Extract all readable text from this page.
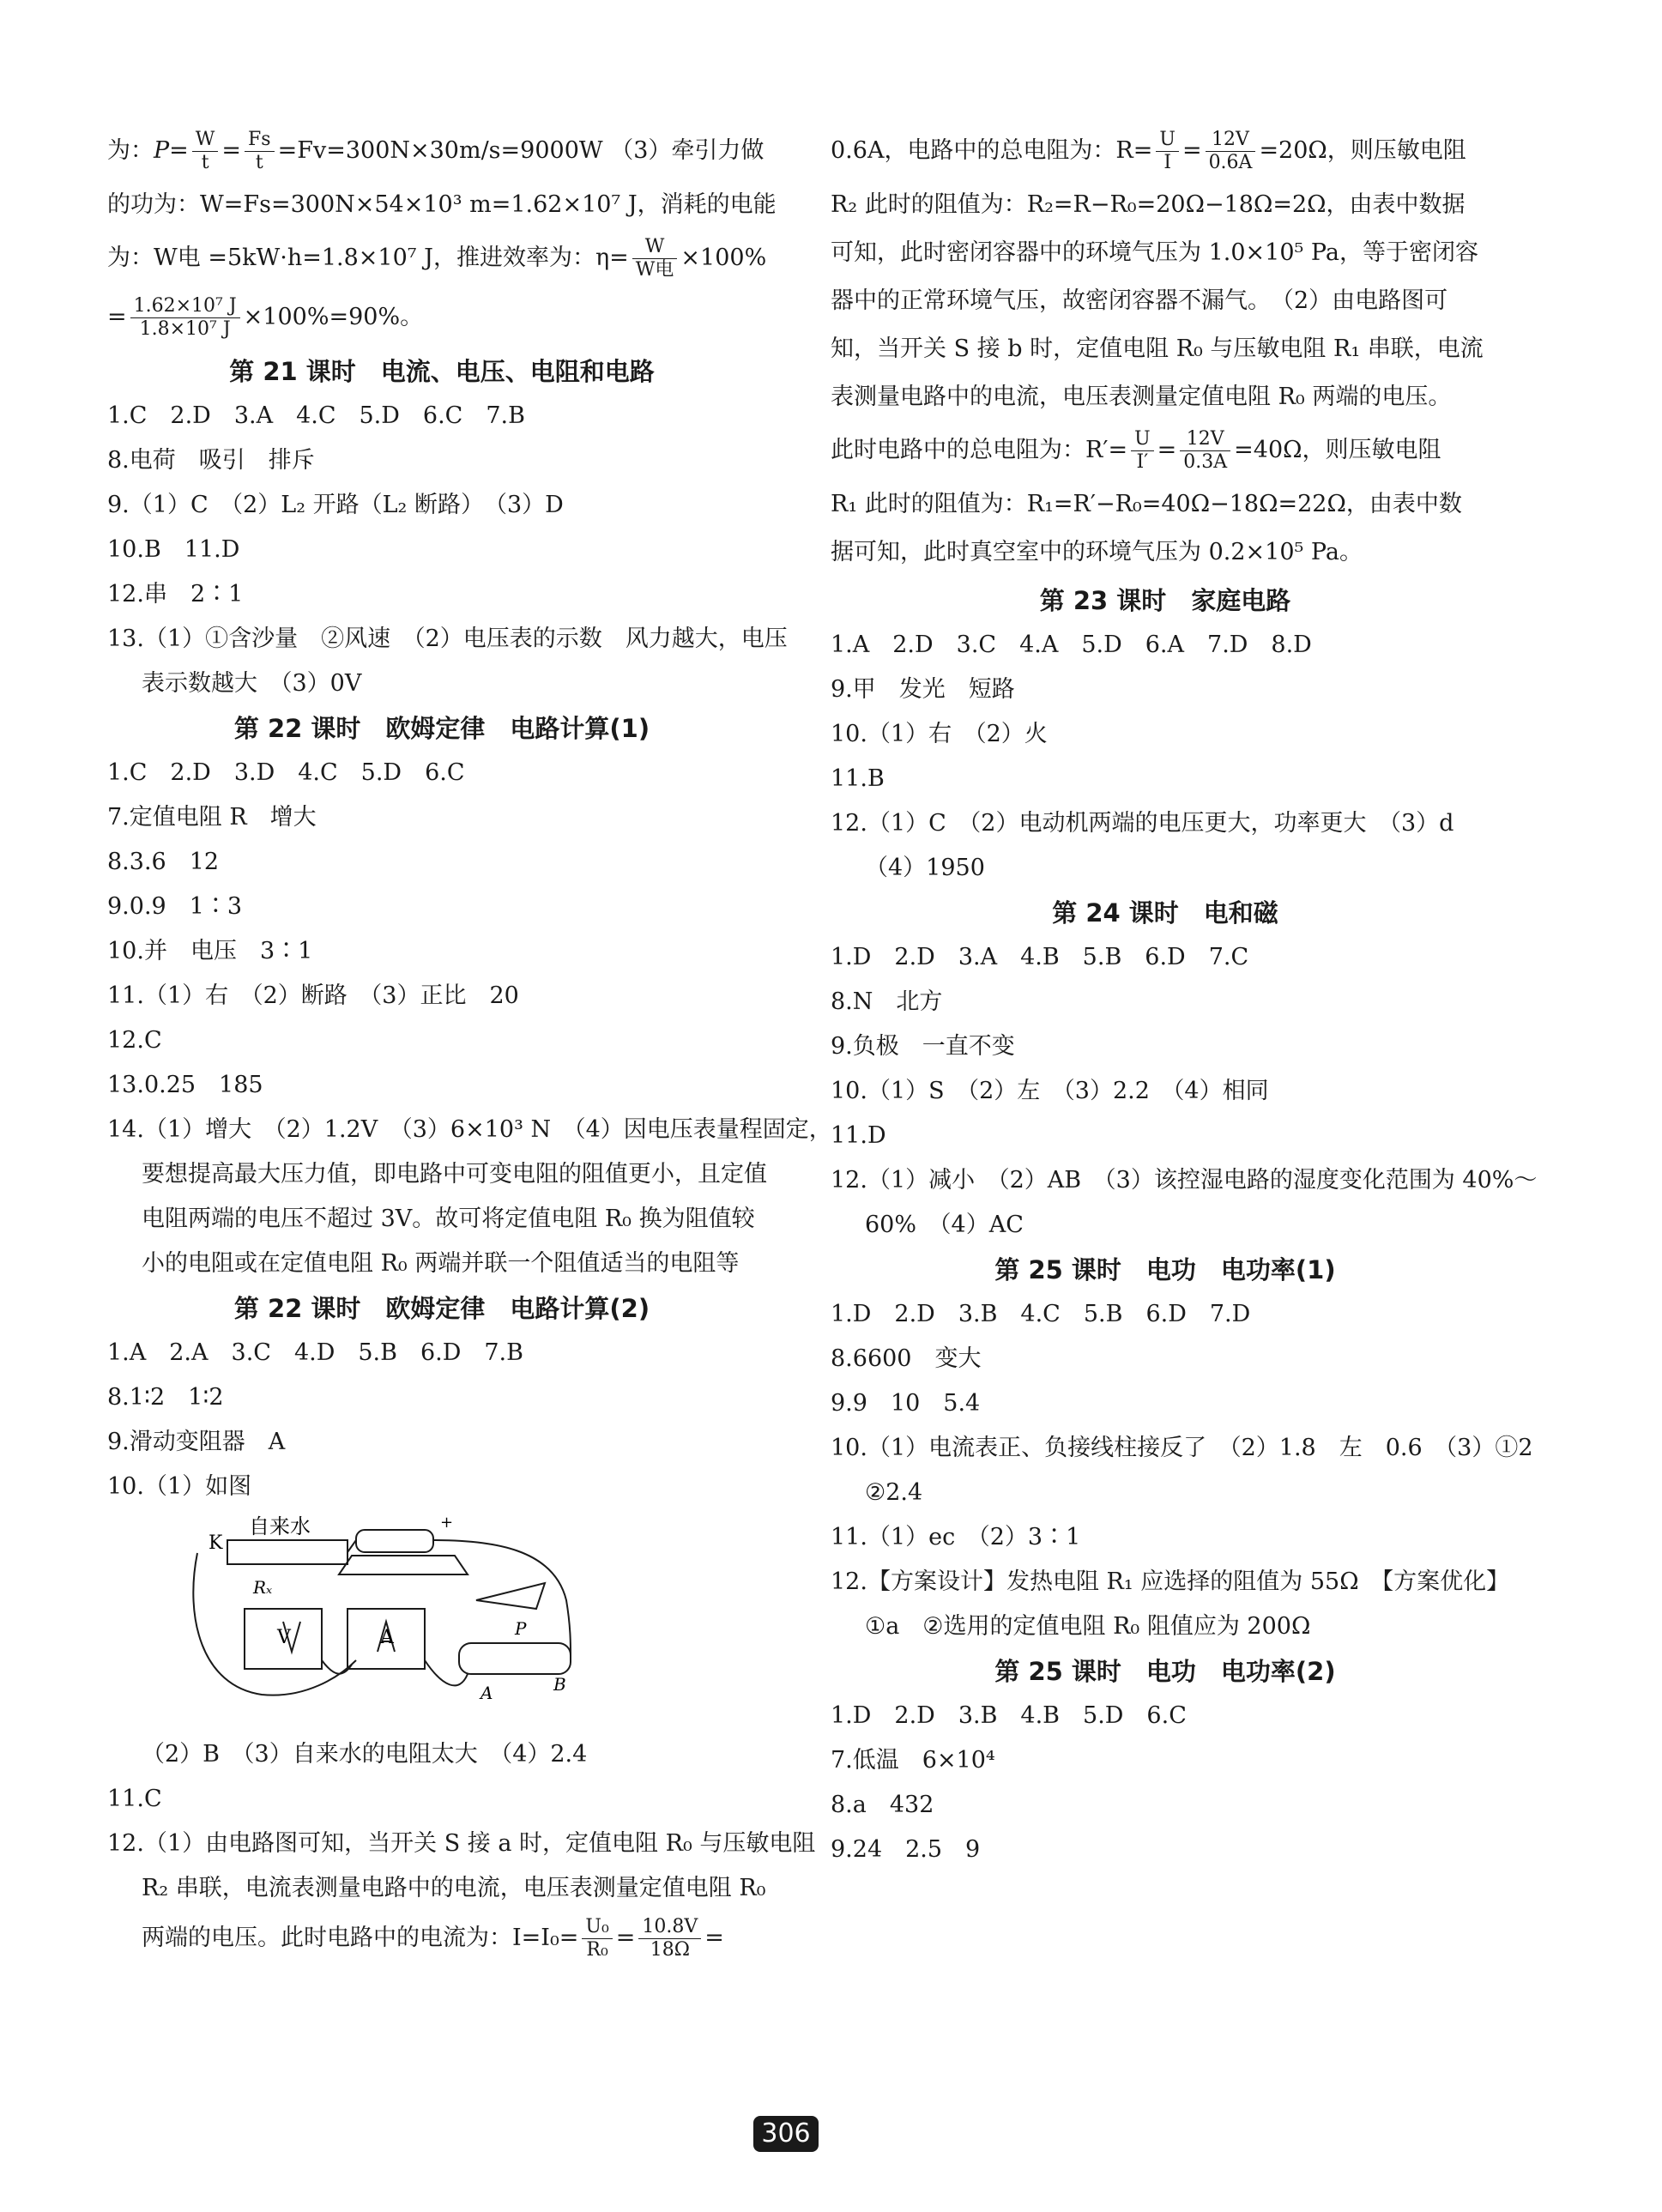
为：$P= \frac{W}{t} = \frac{Fs}{t} =Fv=300N\times 30m/s=9000W$ （3）牵引力做
的功为：W=Fs=300N×54×10³ m=1.62×10⁷ J，消耗的电能
为：W电 =5kW·h=1.8×10⁷ J，推进效率为：$\eta= \frac{W}{\text{W电}} \times 100\%$
= $\frac{\text{1.62×10⁷ J}}{\text{1.8×10⁷ J}} \times 100\%=90\%$。
第 21 课时　电流、电压、电阻和电路
1.C　2.D　3.A　4.C　5.D　6.C　7.B
8.电荷　吸引　排斥
9.（1）C　（2）L₂ 开路（L₂ 断路）　（3）D
10.B　11.D
12.串　2∶1
13.（1）①含沙量　②风速　（2）电压表的示数　风力越大，电压
表示数越大　（3）0V
第 22 课时　欧姆定律　电路计算(1)
1.C　2.D　3.D　4.C　5.D　6.C
7.定值电阻 R　增大
8.3.6　12
9.0.9　1∶3
10.并　电压　3∶1
11.（1）右　（2）断路　（3）正比　20
12.C
13.0.25　185
14.（1）增大　（2）1.2V　（3）6×10³ N　（4）因电压表量程固定，
要想提高最大压力值，即电路中可变电阻的阻值更小，且定值
电阻两端的电压不超过 3V。故可将定值电阻 R₀ 换为阻值较
小的电阻或在定值电阻 R₀ 两端并联一个阻值适当的电阻等
第 22 课时　欧姆定律　电路计算(2)
1.A　2.A　3.C　4.D　5.B　6.D　7.B
8.1∶2　1∶2
9.滑动变阻器　A
10.（1）如图
K
自来水
Rₓ
V	A	P
A	B
+
（2）B　（3）自来水的电阻太大　（4）2.4
11.C
12.（1）由电路图可知，当开关 S 接 a 时，定值电阻 R₀ 与压敏电阻
R₂ 串联，电流表测量电路中的电流，电压表测量定值电阻 R₀
两端的电压。此时电路中的电流为：$I=I_0= \frac{\text{U₀}}{\text{R₀}} = \frac{10.8V}{18\Omega}$ =
0.6A，电路中的总电阻为：$R= \frac{U}{I} = \frac{12V}{0.6A} =20\Omega$，则压敏电阻
R₂ 此时的阻值为：R₂=R−R₀=20Ω−18Ω=2Ω，由表中数据
可知，此时密闭容器中的环境气压为 1.0×10⁵ Pa，等于密闭容
器中的正常环境气压，故密闭容器不漏气。　（2）由电路图可
知，当开关 S 接 b 时，定值电阻 R₀ 与压敏电阻 R₁ 串联，电流
表测量电路中的电流，电压表测量定值电阻 R₀ 两端的电压。
此时电路中的总电阻为：$R'= \frac{U}{I'} = \frac{12V}{0.3A} =40\Omega$，则压敏电阻
R₁ 此时的阻值为：R₁=R′−R₀=40Ω−18Ω=22Ω，由表中数
据可知，此时真空室中的环境气压为 0.2×10⁵ Pa。
第 23 课时　家庭电路
1.A　2.D　3.C　4.A　5.D　6.A　7.D　8.D
9.甲　发光　短路
10.（1）右　（2）火
11.B
12.（1）C　（2）电动机两端的电压更大，功率更大　（3）d
（4）1950
第 24 课时　电和磁
1.D　2.D　3.A　4.B　5.B　6.D　7.C
8.N　北方
9.负极　一直不变
10.（1）S　（2）左　（3）2.2　（4）相同
11.D
12.（1）减小　（2）AB　（3）该控湿电路的湿度变化范围为 40%～
60%　（4）AC
第 25 课时　电功　电功率(1)
1.D　2.D　3.B　4.C　5.B　6.D　7.D
8.6600　变大
9.9　10　5.4
10.（1）电流表正、负接线柱接反了　（2）1.8　左　0.6　（3）①2
②2.4
11.（1）ec　（2）3∶1
12.【方案设计】发热电阻 R₁ 应选择的阻值为 55Ω　【方案优化】
①a　②选用的定值电阻 R₀ 阻值应为 200Ω
第 25 课时　电功　电功率(2)
1.D　2.D　3.B　4.B　5.D　6.C
7.低温　6×10⁴
8.a　432
9.24　2.5　9
306
